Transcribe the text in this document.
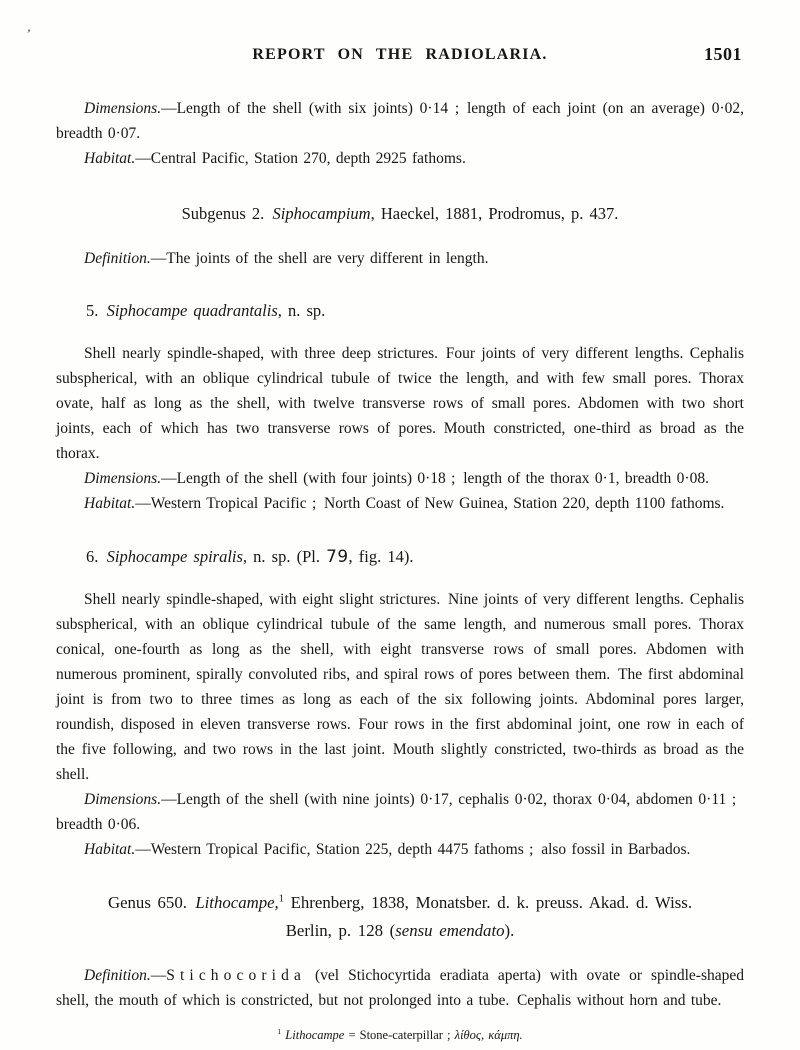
’
REPORT ON THE RADIOLARIA.	1501

Dimensions.—Length of the shell (with six joints) 0·14 ; length of each joint (on an average) 0·02, breadth 0·07.

Habitat.—Central Pacific, Station 270, depth 2925 fathoms.

Subgenus 2. Siphocampium, Haeckel, 1881, Prodromus, p. 437.

Definition.—The joints of the shell are very different in length.

5. Siphocampe quadrantalis, n. sp.

Shell nearly spindle-shaped, with three deep strictures. Four joints of very different lengths. Cephalis subspherical, with an oblique cylindrical tubule of twice the length, and with few small pores. Thorax ovate, half as long as the shell, with twelve transverse rows of small pores. Abdomen with two short joints, each of which has two transverse rows of pores. Mouth constricted, one-third as broad as the thorax.

Dimensions.—Length of the shell (with four joints) 0·18 ; length of the thorax 0·1, breadth 0·08.

Habitat.—Western Tropical Pacific ; North Coast of New Guinea, Station 220, depth 1100 fathoms.

6. Siphocampe spiralis, n. sp. (Pl. 79, fig. 14).

Shell nearly spindle-shaped, with eight slight strictures. Nine joints of very different lengths. Cephalis subspherical, with an oblique cylindrical tubule of the same length, and numerous small pores. Thorax conical, one-fourth as long as the shell, with eight transverse rows of small pores. Abdomen with numerous prominent, spirally convoluted ribs, and spiral rows of pores between them. The first abdominal joint is from two to three times as long as each of the six following joints. Abdominal pores larger, roundish, disposed in eleven transverse rows. Four rows in the first abdominal joint, one row in each of the five following, and two rows in the last joint. Mouth slightly constricted, two-thirds as broad as the shell.

Dimensions.—Length of the shell (with nine joints) 0·17, cephalis 0·02, thorax 0·04, abdomen 0·11 ; breadth 0·06.

Habitat.—Western Tropical Pacific, Station 225, depth 4475 fathoms ; also fossil in Barbados.

Genus 650. Lithocampe,$^1$ Ehrenberg, 1838, Monatsber. d. k. preuss. Akad. d. Wiss.
Berlin, p. 128 (sensu emendato).

Definition.—Stichocorida (vel Stichocyrtida eradiata aperta) with ovate or spindle-shaped shell, the mouth of which is constricted, but not prolonged into a tube. Cephalis without horn and tube.

$^1$ Lithocampe = Stone-caterpillar ; λίθος, κάμπη.
